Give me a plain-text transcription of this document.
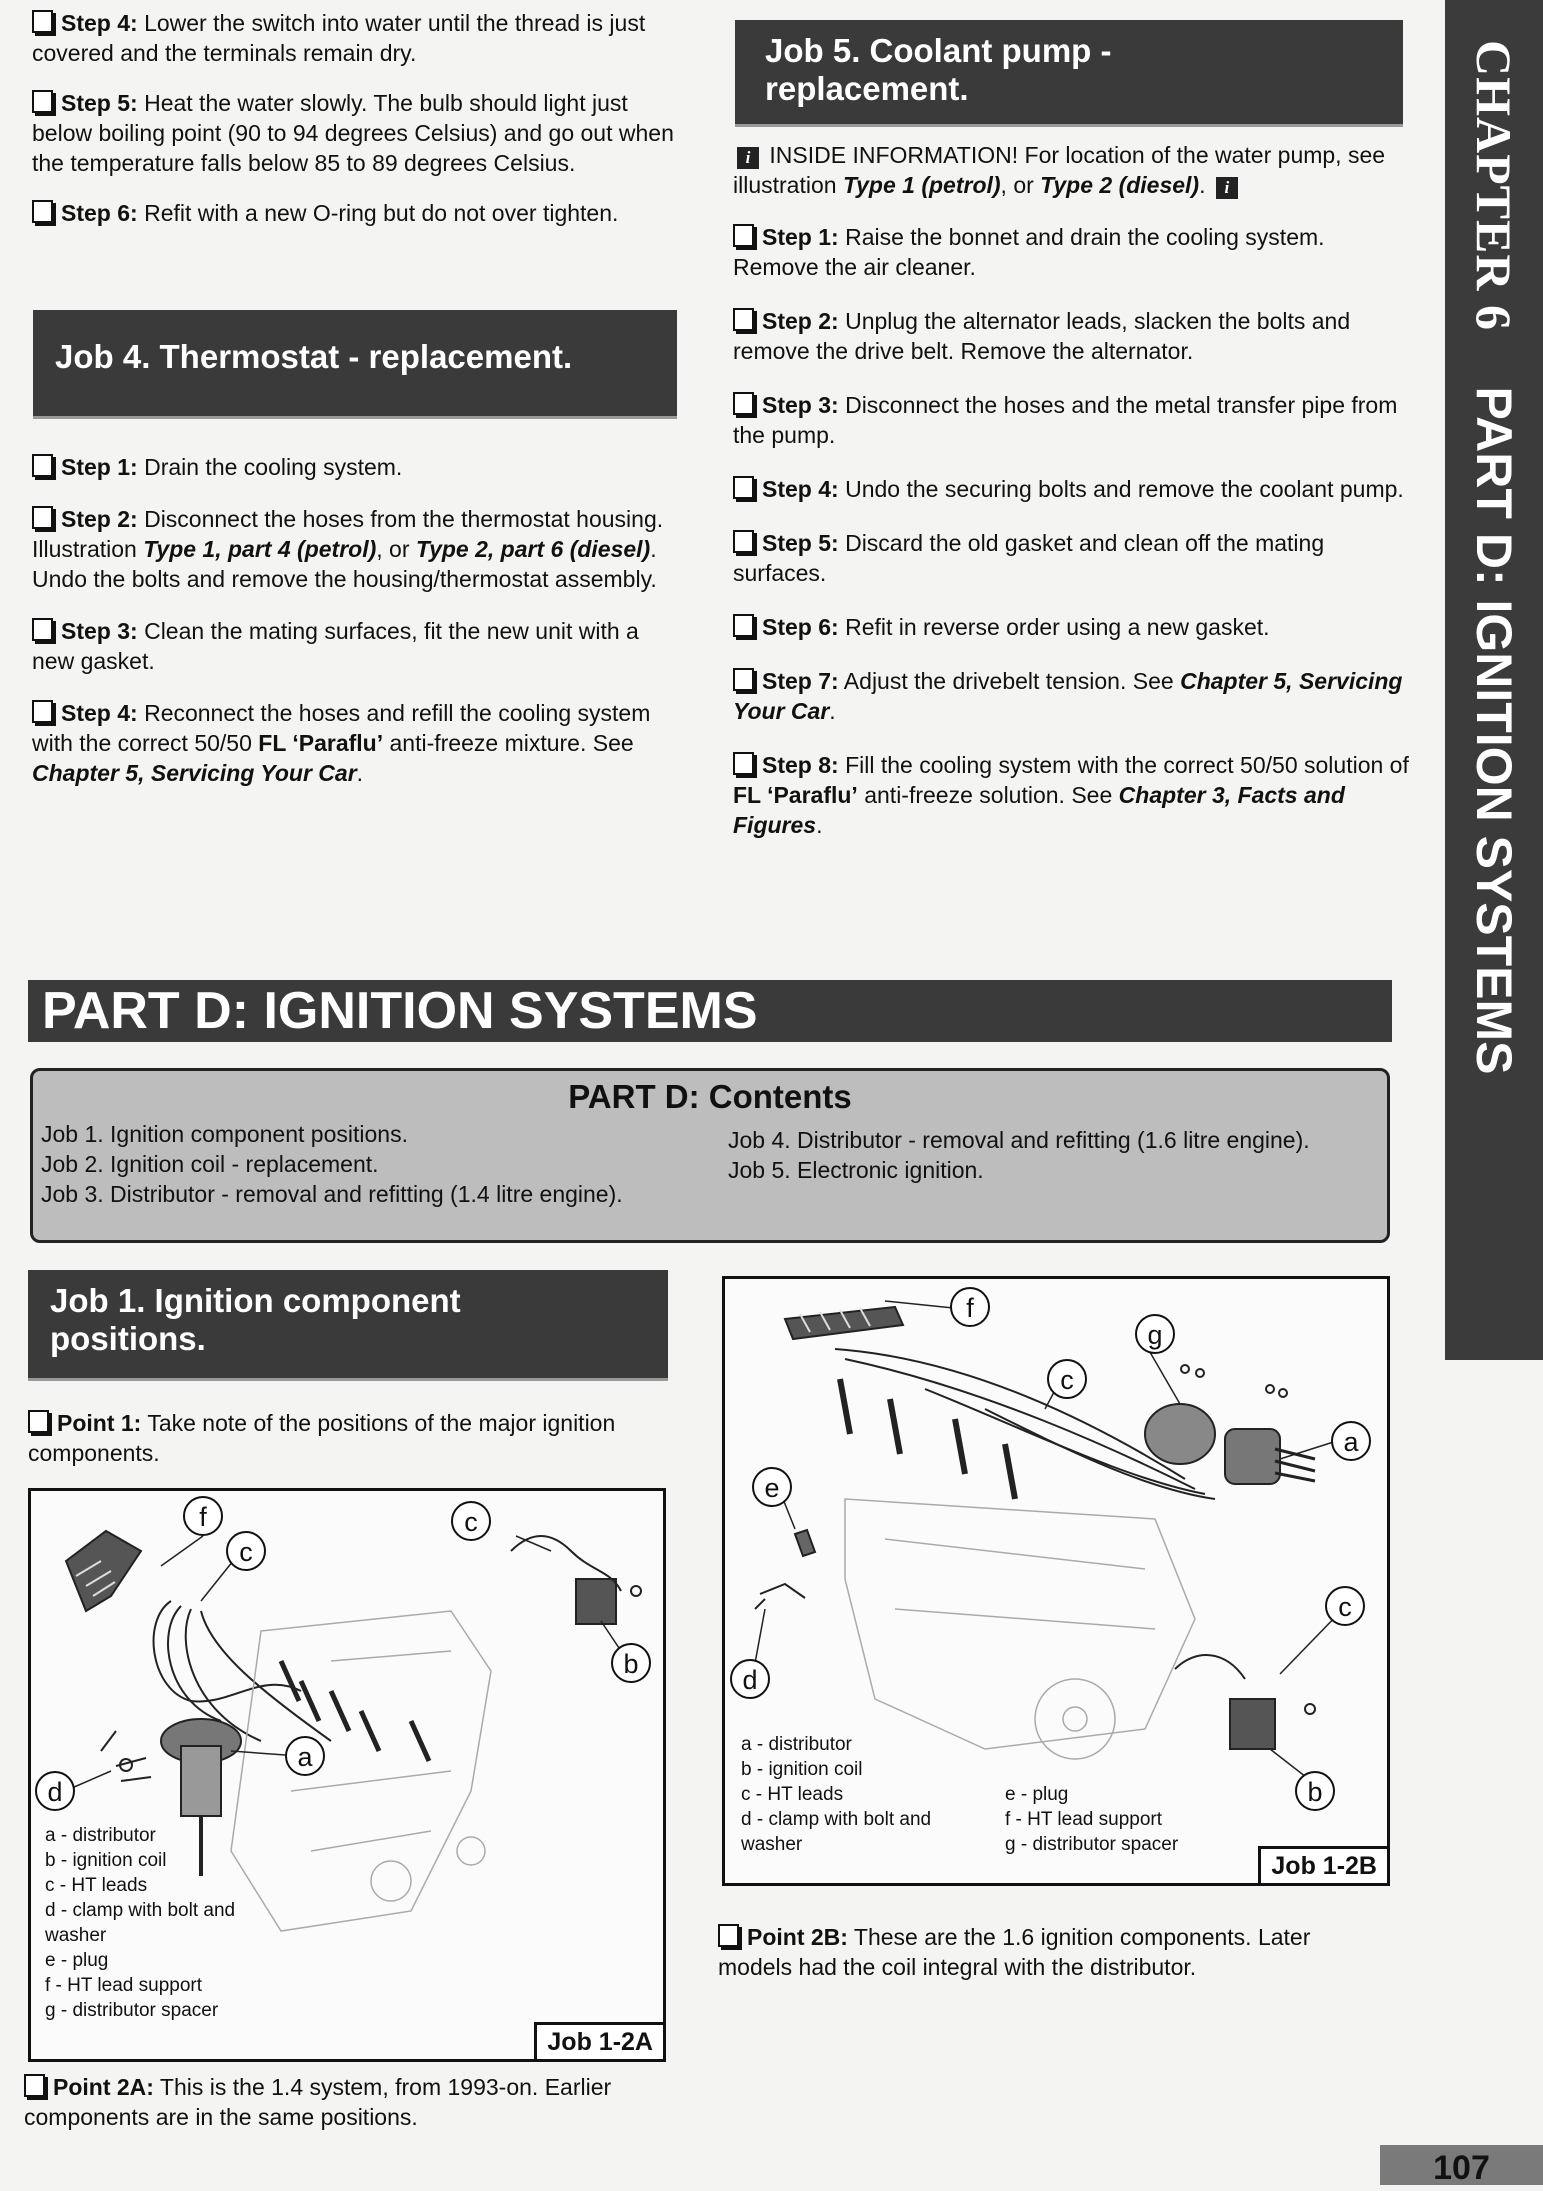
CHAPTER 6    PART D: IGNITION SYSTEMS

Step 4: Lower the switch into water until the thread is just covered and the terminals remain dry.

Step 5: Heat the water slowly. The bulb should light just below boiling point (90 to 94 degrees Celsius) and go out when the temperature falls below 85 to 89 degrees Celsius.

Step 6: Refit with a new O-ring but do not over tighten.

Job 4. Thermostat - replacement.

Step 1: Drain the cooling system.

Step 2: Disconnect the hoses from the thermostat housing. Illustration Type 1, part 4 (petrol), or Type 2, part 6 (diesel). Undo the bolts and remove the housing/thermostat assembly.

Step 3: Clean the mating surfaces, fit the new unit with a new gasket.

Step 4: Reconnect the hoses and refill the cooling system with the correct 50/50 FL ‘Paraflu’ anti-freeze mixture. See Chapter 5, Servicing Your Car.

Job 5. Coolant pump -
replacement.

i INSIDE INFORMATION! For location of the water pump, see illustration Type 1 (petrol), or Type 2 (diesel). i

Step 1: Raise the bonnet and drain the cooling system. Remove the air cleaner.

Step 2: Unplug the alternator leads, slacken the bolts and remove the drive belt. Remove the alternator.

Step 3: Disconnect the hoses and the metal transfer pipe from the pump.

Step 4: Undo the securing bolts and remove the coolant pump.

Step 5: Discard the old gasket and clean off the mating surfaces.

Step 6: Refit in reverse order using a new gasket.

Step 7: Adjust the drivebelt tension. See Chapter 5, Servicing Your Car.

Step 8: Fill the cooling system with the correct 50/50 solution of FL ‘Paraflu’ anti-freeze solution. See Chapter 3, Facts and Figures.

PART D: IGNITION SYSTEMS
PART D: Contents
Job 1. Ignition component positions.
Job 2. Ignition coil - replacement.
Job 3. Distributor - removal and refitting (1.4 litre engine).
Job 4. Distributor - removal and refitting (1.6 litre engine).
Job 5. Electronic ignition.
Job 1. Ignition component
positions.

Point 1: Take note of the positions of the major ignition components.

f
c
c
b
a
d
a - distributor
b - ignition coil
c - HT leads
d - clamp with bolt and
washer
e - plug
f - HT lead support
g - distributor spacer
Job 1-2A

Point 2A: This is the 1.4 system, from 1993-on. Earlier components are in the same positions.

f
g
c
a
e
d
c
b
a - distributor
b - ignition coil
c - HT leads
d - clamp with bolt and
washer
e - plug
f - HT lead support
g - distributor spacer
Job 1-2B

Point 2B: These are the 1.6 ignition components. Later models had the coil integral with the distributor.

107
